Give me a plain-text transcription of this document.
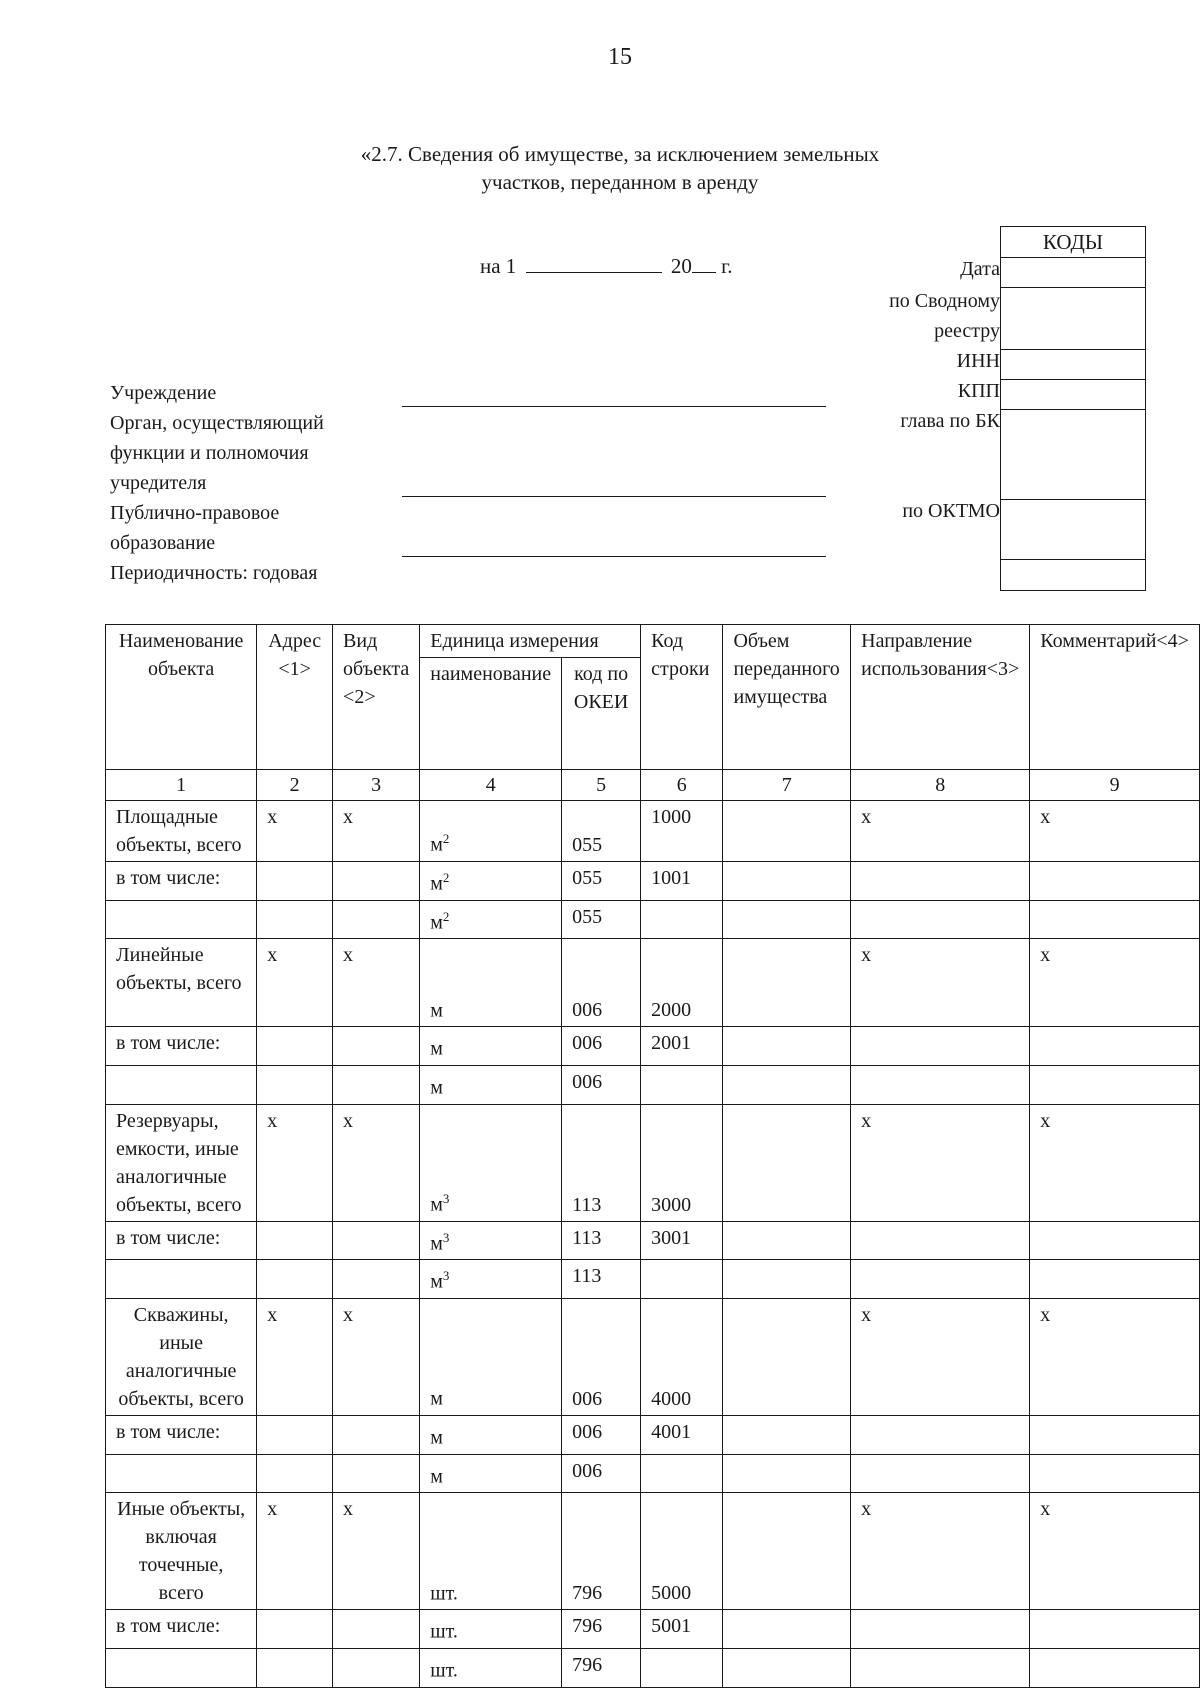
15
«2.7. Сведения об имуществе, за исключением земельных
участков, переданном в аренду
на 1	20 г.
КОДЫ
Дата
по Сводному
реестру
ИНН
КПП
глава по БК
по ОКТМО
Учреждение
Орган, осуществляющий
функции и полномочия
учредителя
Публично-правовое
образование
Периодичность: годовая
Наименование объекта	Адрес <1>	Вид объекта <2>	Единица измерения		Код строки	Объем переданного имущества	Направление использования<3>	Комментарий<4>
			наименование	код по ОКЕИ				
1	2	3	4	5	6	7	8	9
Площадные объекты, всего	х	х	$м^2$	055	1000		х	х
в том числе:			$м^2$	055	1001			
			$м^2$	055				
Линейные объекты, всего	х	х	м	006	2000		х	х
в том числе:			м	006	2001			
			м	006				
Резервуары, емкости, иные аналогичные объекты, всего	х	х	$м^3$	113	3000		х	х
в том числе:			$м^3$	113	3001			
			$м^3$	113				
Скважины, иные аналогичные объекты, всего	х	х	м	006	4000		х	х
в том числе:			м	006	4001			
			м	006				
Иные объекты, включая точечные, всего	х	х	шт.	796	5000		х	х
в том числе:			шт.	796	5001			
			шт.	796				
